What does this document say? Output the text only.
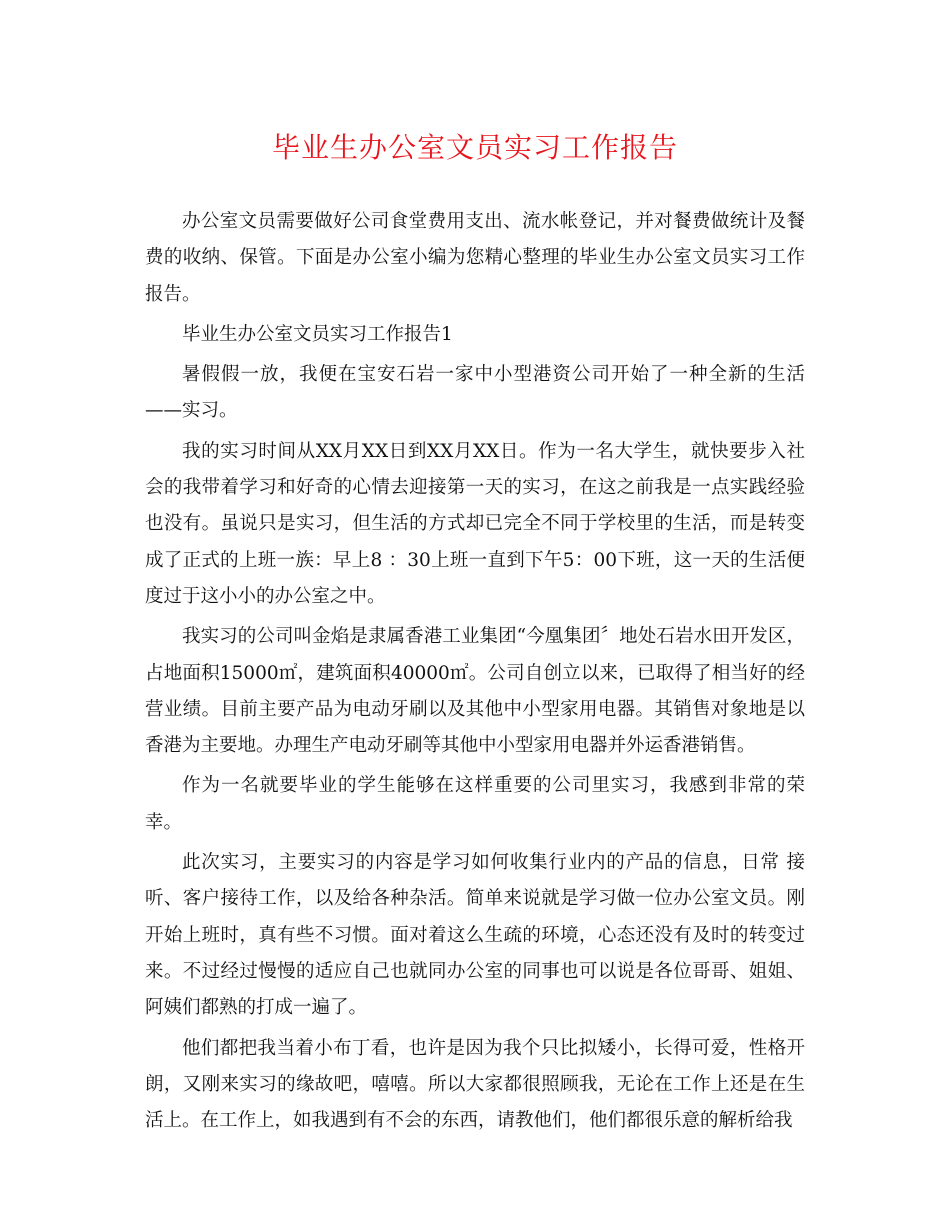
毕业生办公室文员实习工作报告

办公室文员需要做好公司食堂费用支出、流水帐登记，并对餐费做统计及餐费的收纳、保管。下面是办公室小编为您精心整理的毕业生办公室文员实习工作报告。

毕业生办公室文员实习工作报告1

暑假假一放，我便在宝安石岩一家中小型港资公司开始了一种全新的生活——实习。

我的实习时间从XX月XX日到XX月XX日。作为一名大学生，就快要步入社会的我带着学习和好奇的心情去迎接第一天的实习，在这之前我是一点实践经验也没有。虽说只是实习，但生活的方式却已完全不同于学校里的生活，而是转变成了正式的上班一族：早上8 ：30上班一直到下午5：00下班，这一天的生活便度过于这小小的办公室之中。

我实习的公司叫金焰是隶属香港工业集团“今凰集团〞地处石岩水田开发区，占地面积15000㎡，建筑面积40000㎡。公司自创立以来，已取得了相当好的经营业绩。目前主要产品为电动牙刷以及其他中小型家用电器。其销售对象地是以香港为主要地。办理生产电动牙刷等其他中小型家用电器并外运香港销售。

作为一名就要毕业的学生能够在这样重要的公司里实习，我感到非常的荣幸。

此次实习，主要实习的内容是学习如何收集行业内的产品的信息，日常 接听、客户接待工作，以及给各种杂活。简单来说就是学习做一位办公室文员。刚开始上班时，真有些不习惯。面对着这么生疏的环境，心态还没有及时的转变过来。不过经过慢慢的适应自己也就同办公室的同事也可以说是各位哥哥、姐姐、阿姨们都熟的打成一遍了。

他们都把我当着小布丁看，也许是因为我个只比拟矮小，长得可爱，性格开朗，又刚来实习的缘故吧，嘻嘻。所以大家都很照顾我，无论在工作上还是在生活上。在工作上，如我遇到有不会的东西，请教他们，他们都很乐意的解析给我
